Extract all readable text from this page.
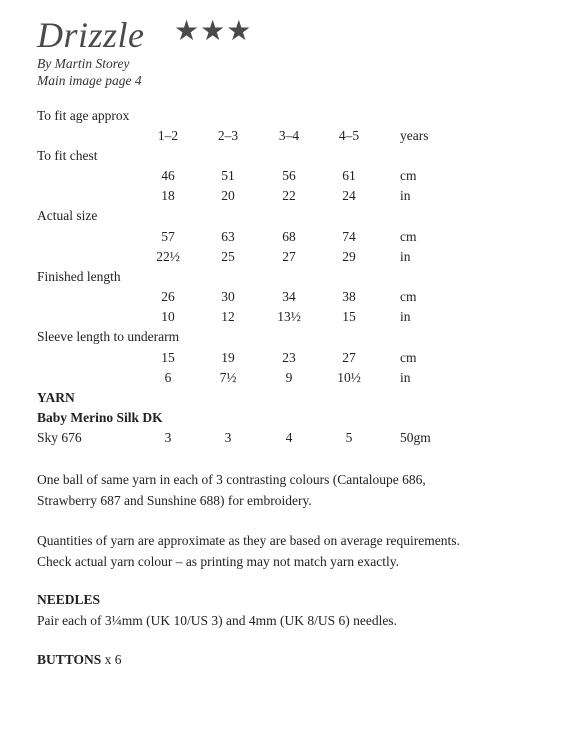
Drizzle ★★★
By Martin Storey
Main image page 4
To fit age approx
1–2	2–3	3–4	4–5	years
To fit chest
46	51	56	61	cm
18	20	22	24	in
Actual size
57	63	68	74	cm
22½	25	27	29	in
Finished length
26	30	34	38	cm
10	12	13½	15	in
Sleeve length to underarm
15	19	23	27	cm
6	7½	9	10½	in
YARN
Baby Merino Silk DK
Sky 676	3	3	4	5	50gm
One ball of same yarn in each of 3 contrasting colours (Cantaloupe 686,
Strawberry 687 and Sunshine 688) for embroidery.
Quantities of yarn are approximate as they are based on average requirements.
Check actual yarn colour – as printing may not match yarn exactly.
NEEDLES
Pair each of 3¼mm (UK 10/US 3) and 4mm (UK 8/US 6) needles.
BUTTONS x 6
